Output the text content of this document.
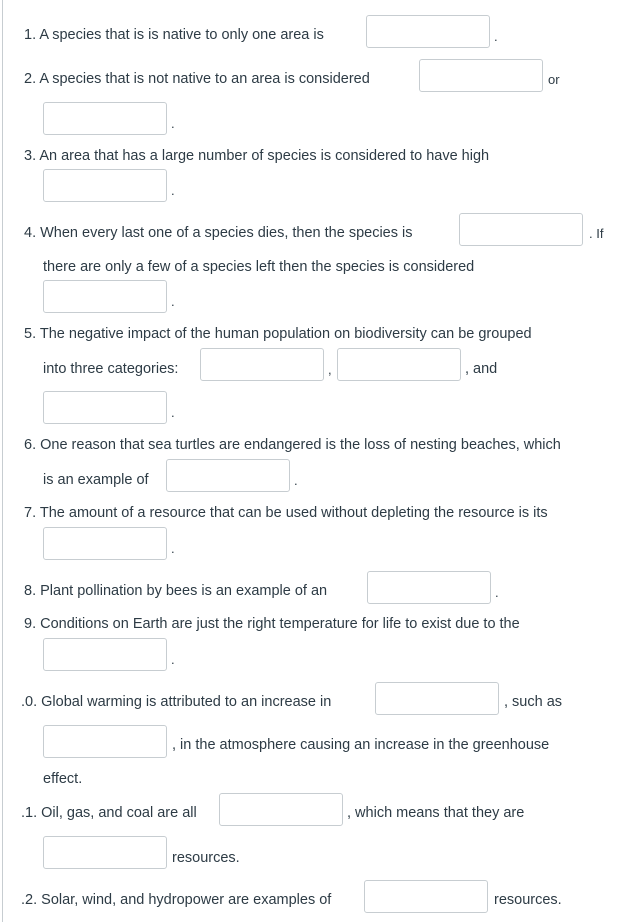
1. A species that is is native to only one area is	.
2. A species that is not native to an area is considered	or
.
3. An area that has a large number of species is considered to have high
.
4. When every last one of a species dies, then the species is	. If
there are only a few of a species left then the species is considered
.
5. The negative impact of the human population on biodiversity can be grouped
into three categories:	,	, and
.
6. One reason that sea turtles are endangered is the loss of nesting beaches, which
is an example of	.
7. The amount of a resource that can be used without depleting the resource is its
.
8. Plant pollination by bees is an example of an	.
9. Conditions on Earth are just the right temperature for life to exist due to the
.
.0. Global warming is attributed to an increase in	, such as
, in the atmosphere causing an increase in the greenhouse
effect.
.1. Oil, gas, and coal are all	, which means that they are
resources.
.2. Solar, wind, and hydropower are examples of	resources.
